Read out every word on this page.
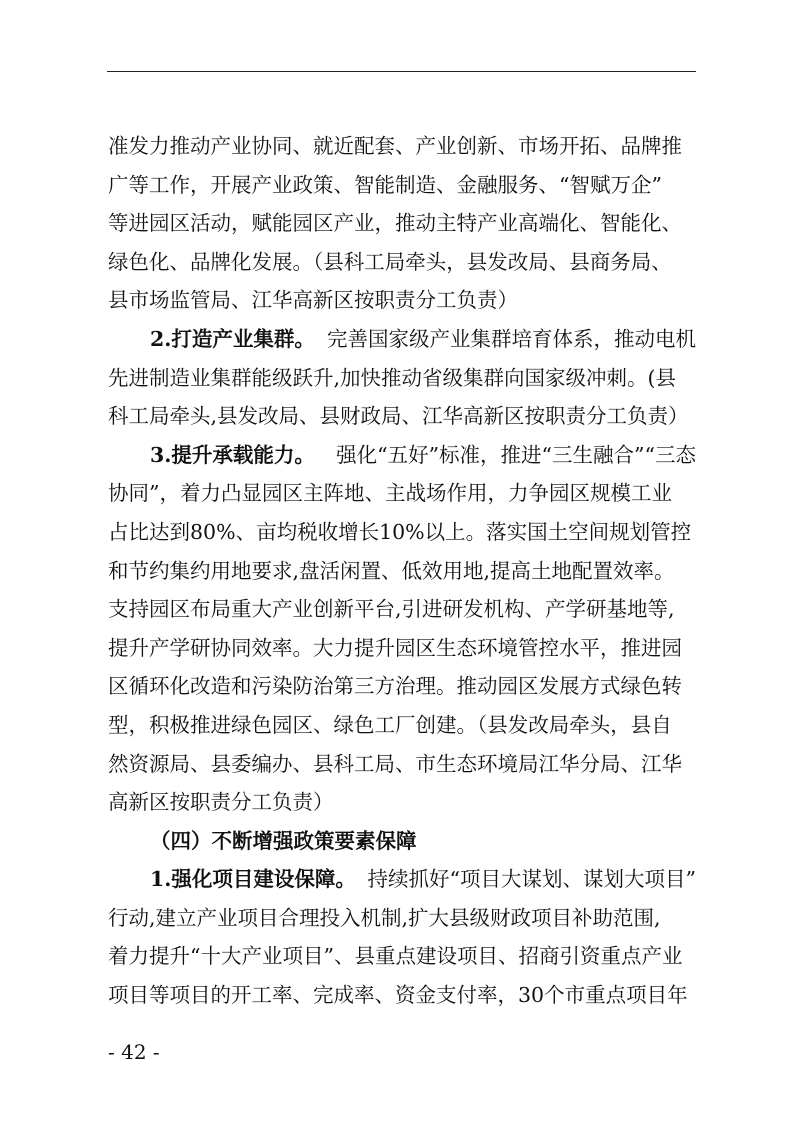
准发力推动产业协同、就近配套、产业创新、市场开拓、品牌推
广等工作，开展产业政策、智能制造、金融服务、“智赋万企”
等进园区活动，赋能园区产业，推动主特产业高端化、智能化、
绿色化、品牌化发展。（县科工局牵头，县发改局、县商务局、
县市场监管局、江华高新区按职责分工负责）
2.打造产业集群。 完善国家级产业集群培育体系，推动电机
先进制造业集群能级跃升,加快推动省级集群向国家级冲刺。(县
科工局牵头,县发改局、县财政局、江华高新区按职责分工负责）
3.提升承载能力。 强化“五好”标准，推进“三生融合”“三态
协同”，着力凸显园区主阵地、主战场作用，力争园区规模工业
占比达到80%、亩均税收增长10%以上。落实国土空间规划管控
和节约集约用地要求,盘活闲置、低效用地,提高土地配置效率。
支持园区布局重大产业创新平台,引进研发机构、产学研基地等,
提升产学研协同效率。大力提升园区生态环境管控水平，推进园
区循环化改造和污染防治第三方治理。推动园区发展方式绿色转
型，积极推进绿色园区、绿色工厂创建。（县发改局牵头，县自
然资源局、县委编办、县科工局、市生态环境局江华分局、江华
高新区按职责分工负责）
（四）不断增强政策要素保障
1.强化项目建设保障。 持续抓好“项目大谋划、谋划大项目”
行动,建立产业项目合理投入机制,扩大县级财政项目补助范围,
着力提升“十大产业项目”、县重点建设项目、招商引资重点产业
项目等项目的开工率、完成率、资金支付率，30个市重点项目年
- 42 -
